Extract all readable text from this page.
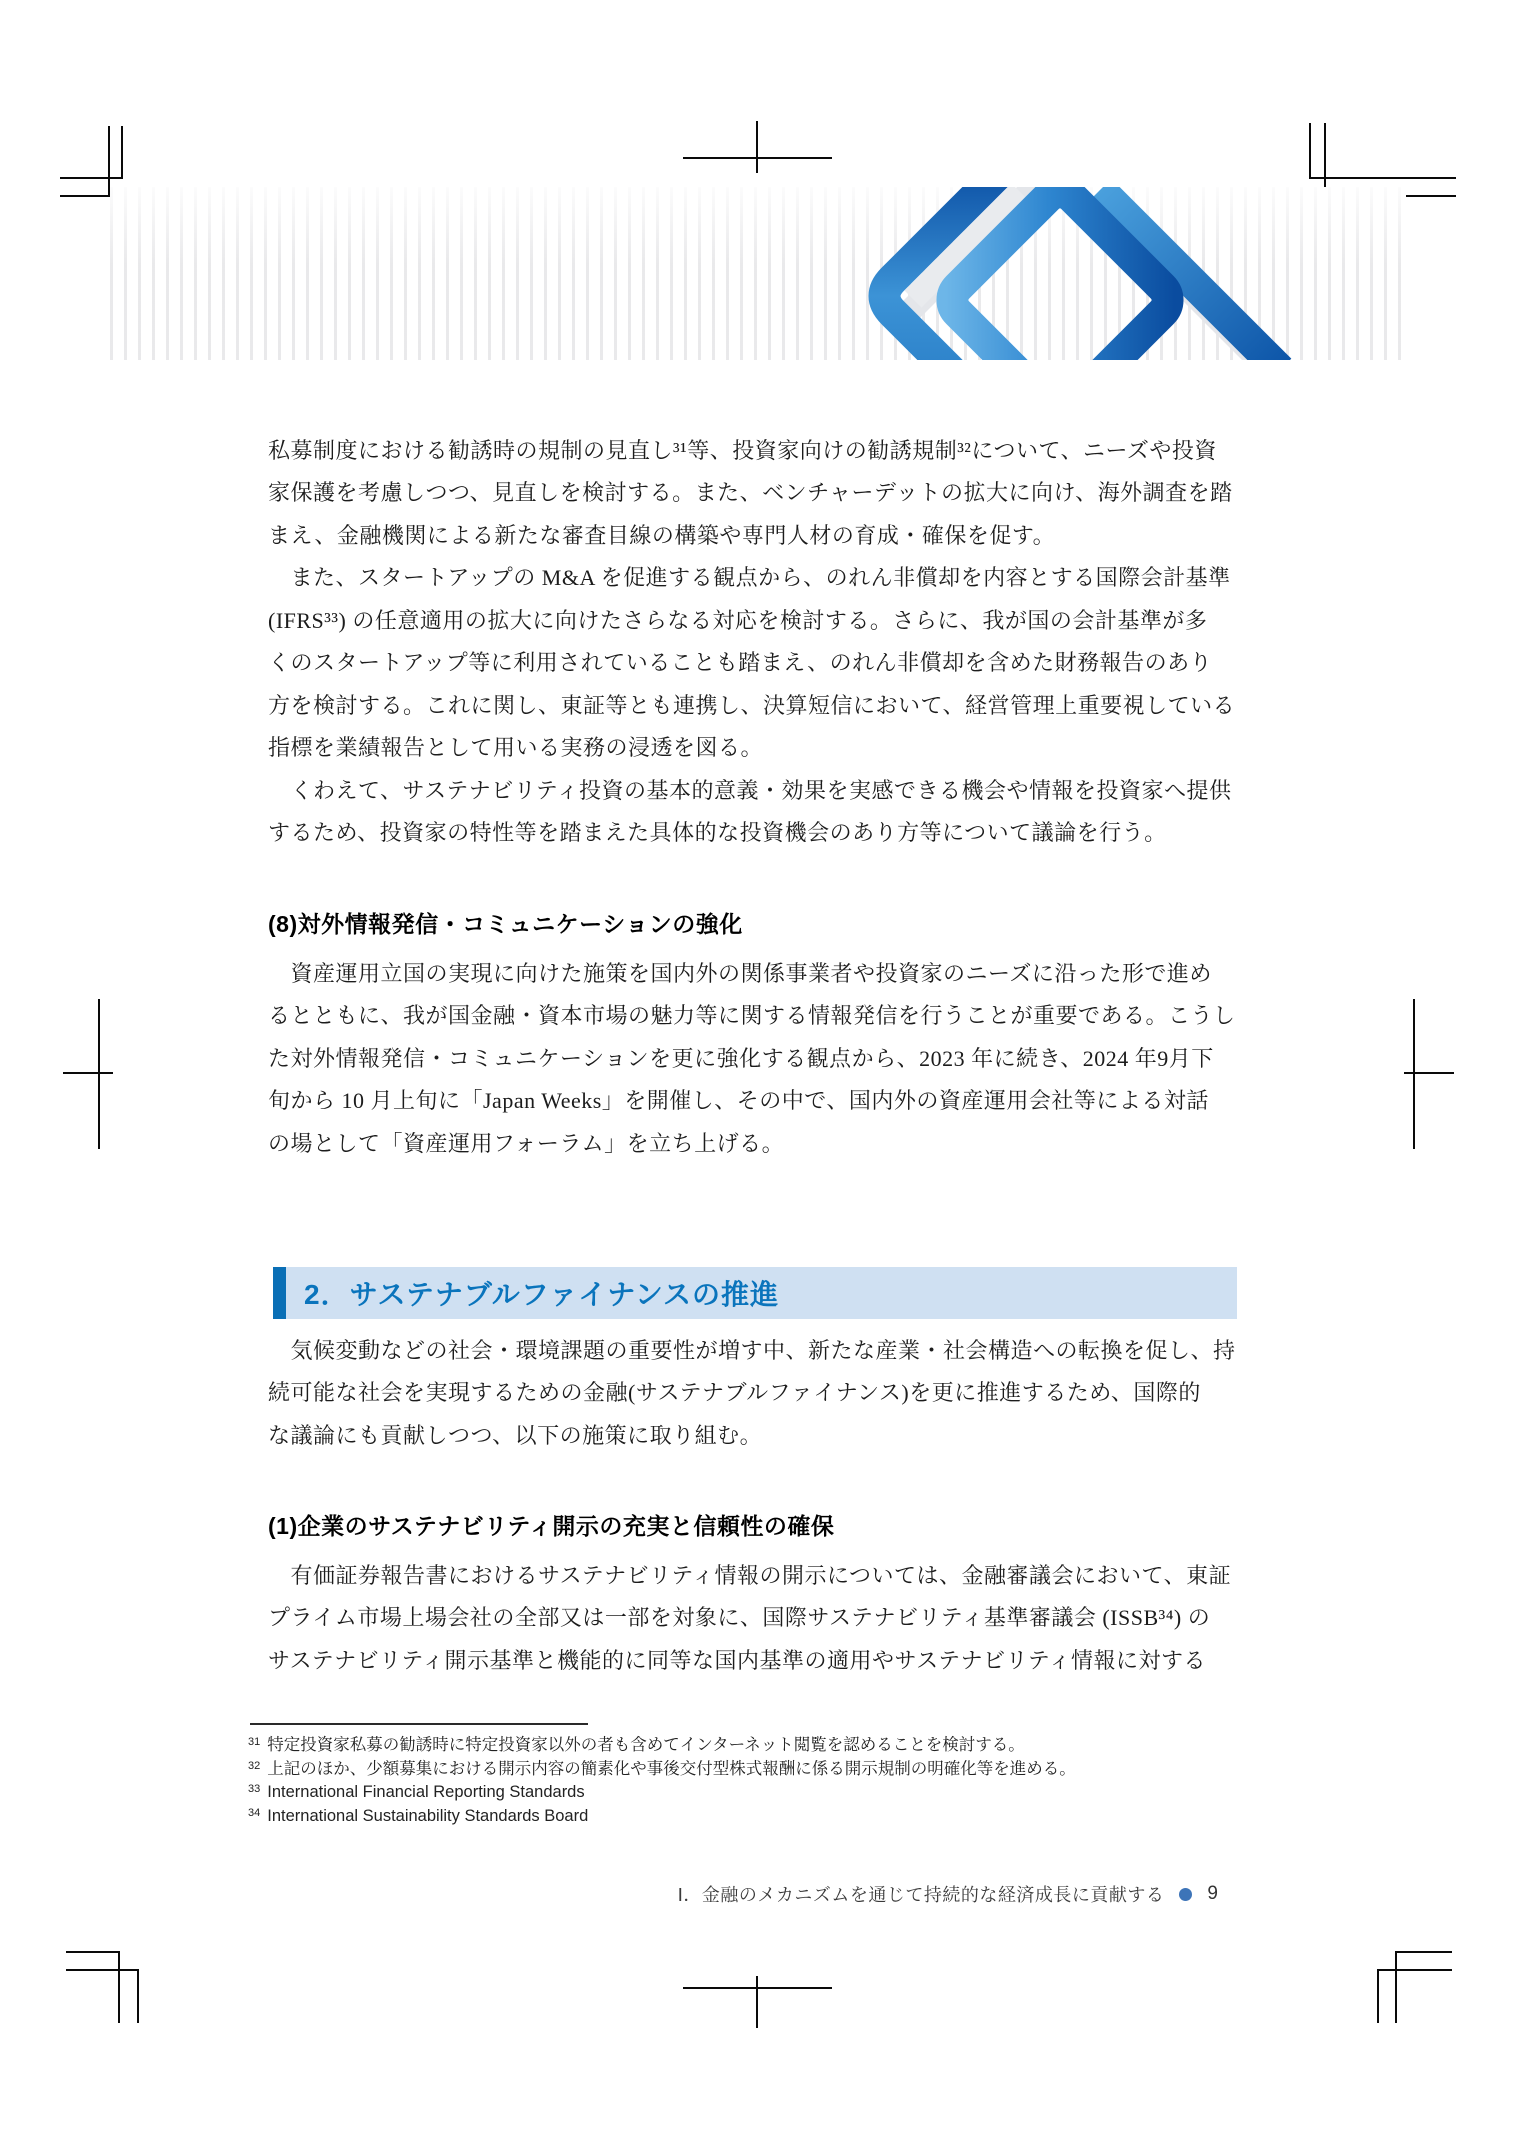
私募制度における勧誘時の規制の見直し³¹等、投資家向けの勧誘規制³²について、ニーズや投資
家保護を考慮しつつ、見直しを検討する。また、ベンチャーデットの拡大に向け、海外調査を踏
まえ、金融機関による新たな審査目線の構築や専門人材の育成・確保を促す。
　また、スタートアップの M&A を促進する観点から、のれん非償却を内容とする国際会計基準
(IFRS³³) の任意適用の拡大に向けたさらなる対応を検討する。さらに、我が国の会計基準が多
くのスタートアップ等に利用されていることも踏まえ、のれん非償却を含めた財務報告のあり
方を検討する。これに関し、東証等とも連携し、決算短信において、経営管理上重要視している
指標を業績報告として用いる実務の浸透を図る。
　くわえて、サステナビリティ投資の基本的意義・効果を実感できる機会や情報を投資家へ提供
するため、投資家の特性等を踏まえた具体的な投資機会のあり方等について議論を行う。
(8)対外情報発信・コミュニケーションの強化
　資産運用立国の実現に向けた施策を国内外の関係事業者や投資家のニーズに沿った形で進め
るとともに、我が国金融・資本市場の魅力等に関する情報発信を行うことが重要である。こうし
た対外情報発信・コミュニケーションを更に強化する観点から、2023 年に続き、2024 年9月下
旬から 10 月上旬に「Japan Weeks」を開催し、その中で、国内外の資産運用会社等による対話
の場として「資産運用フォーラム」を立ち上げる。
2．サステナブルファイナンスの推進
　気候変動などの社会・環境課題の重要性が増す中、新たな産業・社会構造への転換を促し、持
続可能な社会を実現するための金融(サステナブルファイナンス)を更に推進するため、国際的
な議論にも貢献しつつ、以下の施策に取り組む。
(1)企業のサステナビリティ開示の充実と信頼性の確保
　有価証券報告書におけるサステナビリティ情報の開示については、金融審議会において、東証
プライム市場上場会社の全部又は一部を対象に、国際サステナビリティ基準審議会 (ISSB³⁴) の
サステナビリティ開示基準と機能的に同等な国内基準の適用やサステナビリティ情報に対する
31 特定投資家私募の勧誘時に特定投資家以外の者も含めてインターネット閲覧を認めることを検討する。
32 上記のほか、少額募集における開示内容の簡素化や事後交付型株式報酬に係る開示規制の明確化等を進める。
33 International Financial Reporting Standards
34 International Sustainability Standards Board
Ⅰ．金融のメカニズムを通じて持続的な経済成長に貢献する 9
